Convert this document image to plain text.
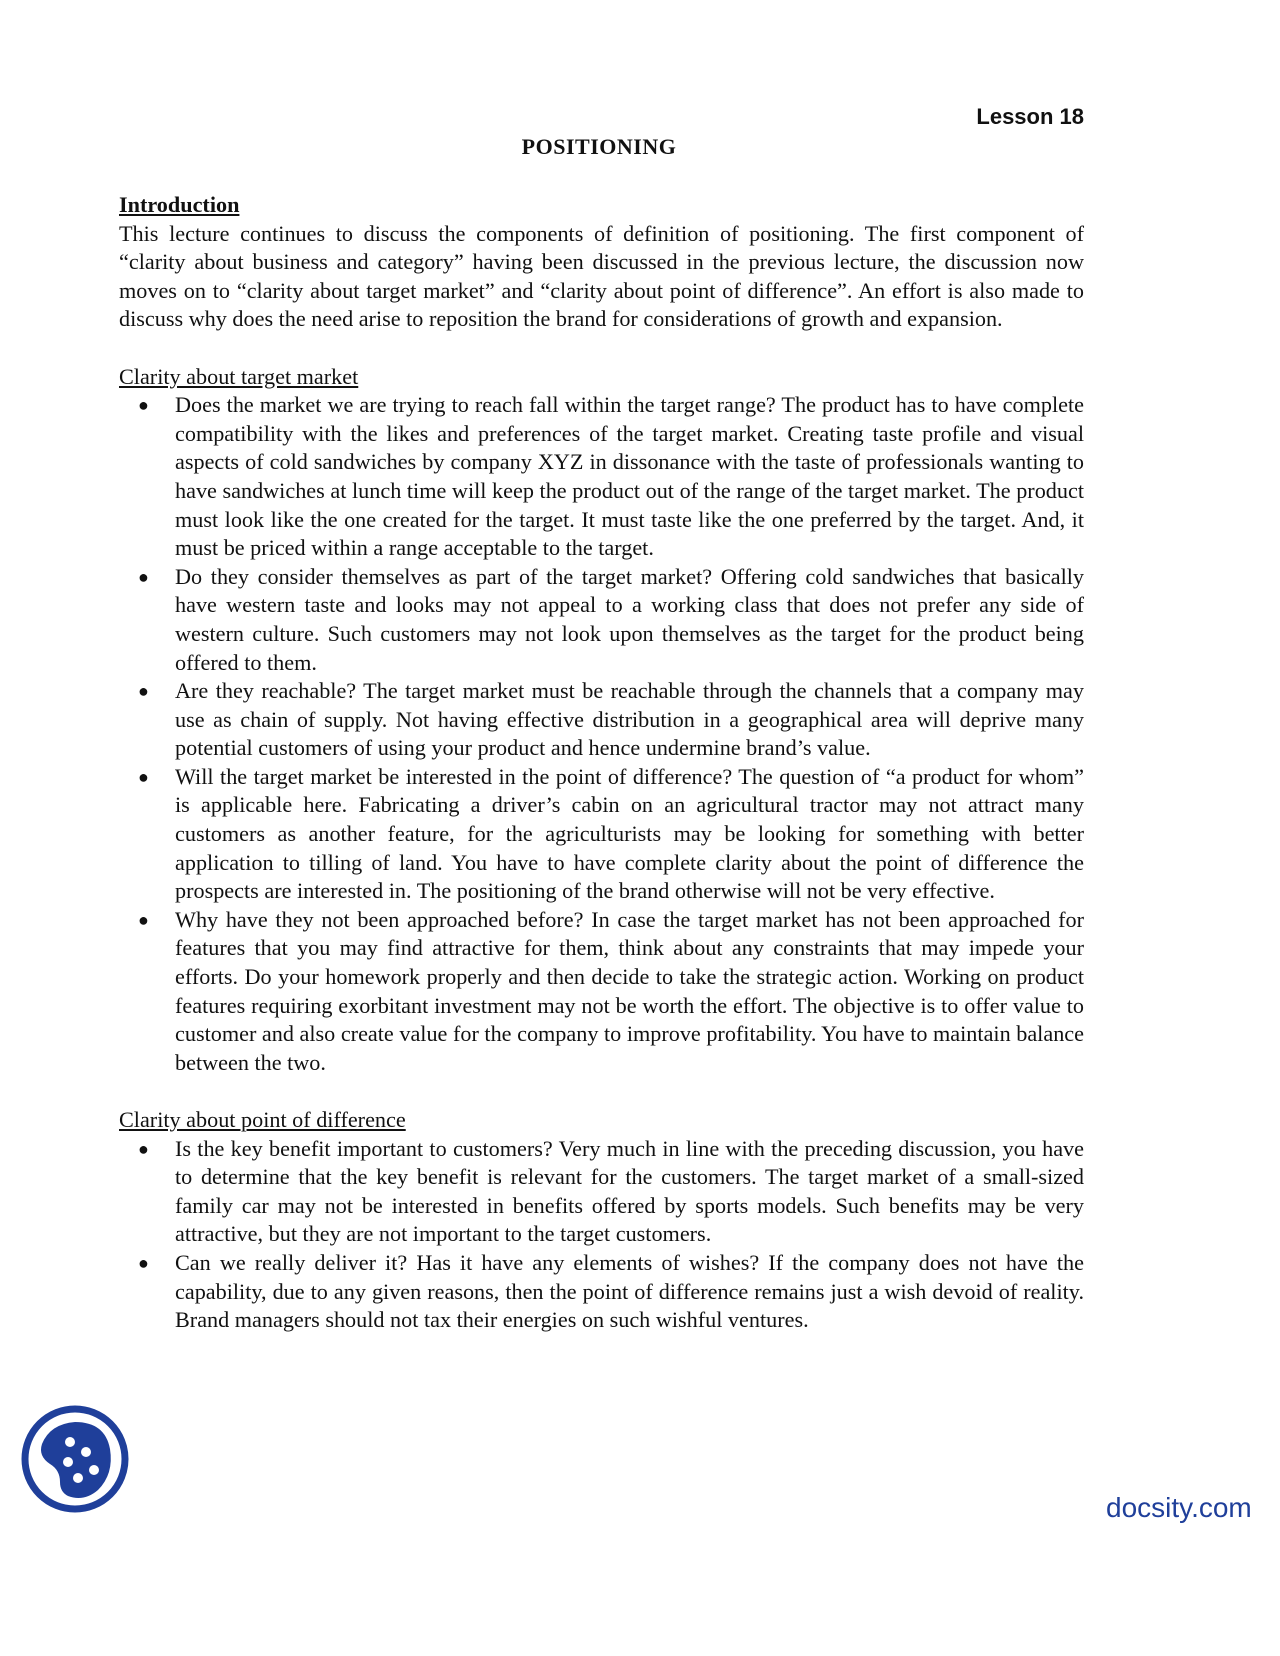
Lesson 18
POSITIONING

Introduction

This lecture continues to discuss the components of definition of positioning. The first component of “clarity about business and category” having been discussed in the previous lecture, the discussion now moves on to “clarity about target market” and “clarity about point of difference”. An effort is also made to discuss why does the need arise to reposition the brand for considerations of growth and expansion.

Clarity about target market

● Does the market we are trying to reach fall within the target range? The product has to have complete compatibility with the likes and preferences of the target market. Creating taste profile and visual aspects of cold sandwiches by company XYZ in dissonance with the taste of professionals wanting to have sandwiches at lunch time will keep the product out of the range of the target market. The product must look like the one created for the target. It must taste like the one preferred by the target. And, it must be priced within a range acceptable to the target.
● Do they consider themselves as part of the target market? Offering cold sandwiches that basically have western taste and looks may not appeal to a working class that does not prefer any side of western culture. Such customers may not look upon themselves as the target for the product being offered to them.
● Are they reachable? The target market must be reachable through the channels that a company may use as chain of supply. Not having effective distribution in a geographical area will deprive many potential customers of using your product and hence undermine brand’s value.
● Will the target market be interested in the point of difference? The question of “a product for whom” is applicable here. Fabricating a driver’s cabin on an agricultural tractor may not attract many customers as another feature, for the agriculturists may be looking for something with better application to tilling of land. You have to have complete clarity about the point of difference the prospects are interested in. The positioning of the brand otherwise will not be very effective.
● Why have they not been approached before? In case the target market has not been approached for features that you may find attractive for them, think about any constraints that may impede your efforts. Do your homework properly and then decide to take the strategic action. Working on product features requiring exorbitant investment may not be worth the effort. The objective is to offer value to customer and also create value for the company to improve profitability. You have to maintain balance between the two.

Clarity about point of difference

● Is the key benefit important to customers? Very much in line with the preceding discussion, you have to determine that the key benefit is relevant for the customers. The target market of a small-sized family car may not be interested in benefits offered by sports models. Such benefits may be very attractive, but they are not important to the target customers.
● Can we really deliver it? Has it have any elements of wishes? If the company does not have the capability, due to any given reasons, then the point of difference remains just a wish devoid of reality. Brand managers should not tax their energies on such wishful ventures.
docsity.com
